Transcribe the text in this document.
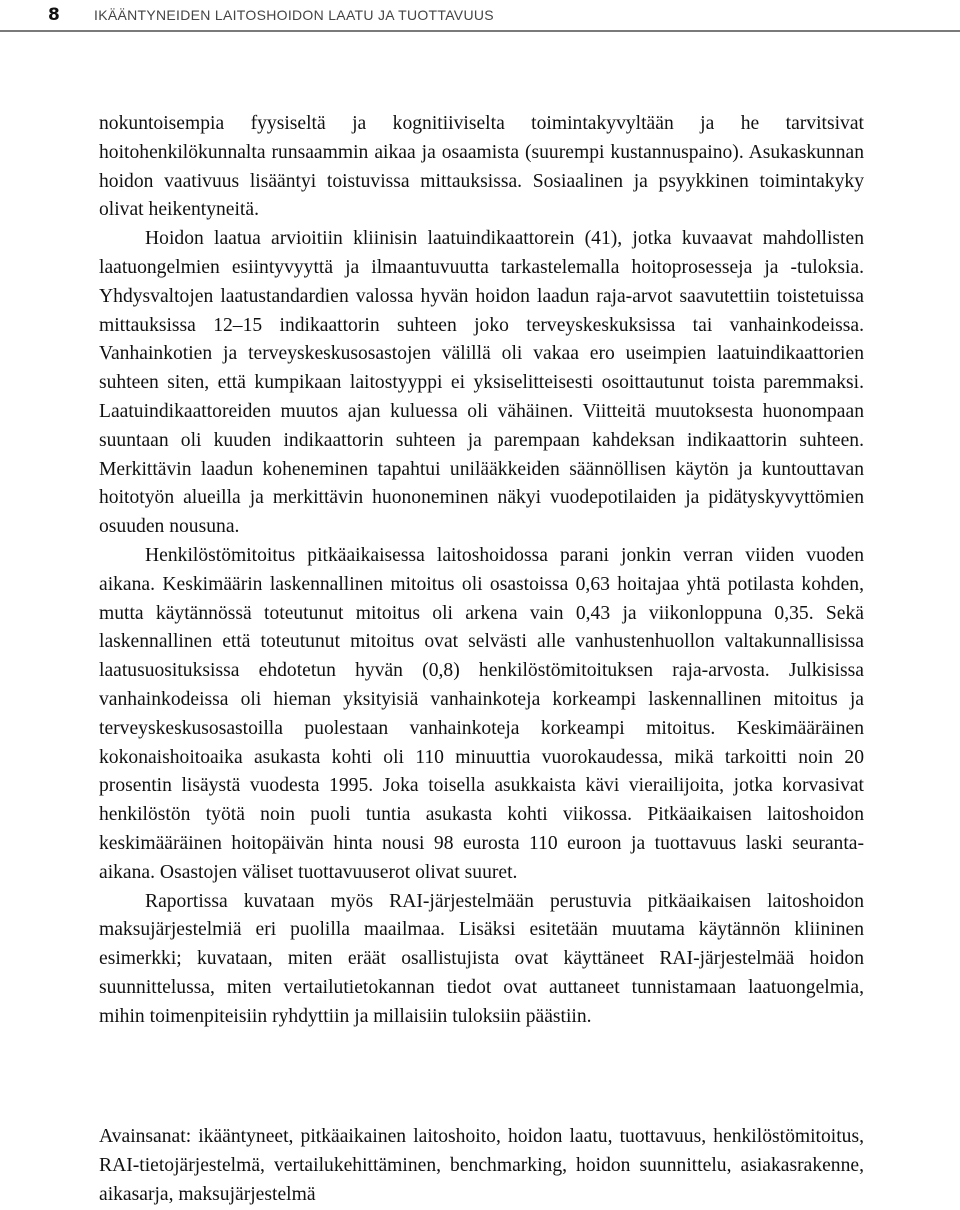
8	IKÄÄNTYNEIDEN LAITOSHOIDON LAATU JA TUOTTAVUUS

nokuntoisempia fyysiseltä ja kognitiiviselta toimintakyvyltään ja he tarvitsivat hoitohenkilökunnalta runsaammin aikaa ja osaamista (suurempi kustannuspaino). Asukaskunnan hoidon vaativuus lisääntyi toistuvissa mittauksissa. Sosiaalinen ja psyykkinen toimintakyky olivat heikentyneitä.

Hoidon laatua arvioitiin kliinisin laatuindikaattorein (41), jotka kuvaavat mahdollisten laatuongelmien esiintyvyyttä ja ilmaantuvuutta tarkastelemalla hoitoprosesseja ja -tuloksia. Yhdysvaltojen laatustandardien valossa hyvän hoidon laadun raja-arvot saavutettiin toistetuissa mittauksissa 12–15 indikaattorin suhteen joko terveyskeskuksissa tai vanhainkodeissa. Vanhainkotien ja terveyskeskusosastojen välillä oli vakaa ero useimpien laatuindikaattorien suhteen siten, että kumpikaan laitostyyppi ei yksiselitteisesti osoittautunut toista paremmaksi. Laatuindikaattoreiden muutos ajan kuluessa oli vähäinen. Viitteitä muutoksesta huonompaan suuntaan oli kuuden indikaattorin suhteen ja parempaan kahdeksan indikaattorin suhteen. Merkittävin laadun koheneminen tapahtui unilääkkeiden säännöllisen käytön ja kuntouttavan hoitotyön alueilla ja merkittävin huononeminen näkyi vuodepotilaiden ja pidätyskyvyttömien osuuden nousuna.

Henkilöstömitoitus pitkäaikaisessa laitoshoidossa parani jonkin verran viiden vuoden aikana. Keskimäärin laskennallinen mitoitus oli osastoissa 0,63 hoitajaa yhtä potilasta kohden, mutta käytännössä toteutunut mitoitus oli arkena vain 0,43 ja viikonloppuna 0,35. Sekä laskennallinen että toteutunut mitoitus ovat selvästi alle vanhustenhuollon valtakunnallisissa laatusuosituksissa ehdotetun hyvän (0,8) henkilöstömitoituksen raja-arvosta. Julkisissa vanhainkodeissa oli hieman yksityisiä vanhainkoteja korkeampi laskennallinen mitoitus ja terveyskeskusosastoilla puolestaan vanhainkoteja korkeampi mitoitus. Keskimääräinen kokonaishoitoaika asukasta kohti oli 110 minuuttia vuorokaudessa, mikä tarkoitti noin 20 prosentin lisäystä vuodesta 1995. Joka toisella asukkaista kävi vierailijoita, jotka korvasivat henkilöstön työtä noin puoli tuntia asukasta kohti viikossa. Pitkäaikaisen laitoshoidon keskimääräinen hoitopäivän hinta nousi 98 eurosta 110 euroon ja tuottavuus laski seuranta-aikana. Osastojen väliset tuottavuuserot olivat suuret.

Raportissa kuvataan myös RAI-järjestelmään perustuvia pitkäaikaisen laitoshoidon maksujärjestelmiä eri puolilla maailmaa. Lisäksi esitetään muutama käytännön kliininen esimerkki; kuvataan, miten eräät osallistujista ovat käyttäneet RAI-järjestelmää hoidon suunnittelussa, miten vertailutietokannan tiedot ovat auttaneet tunnistamaan laatuongelmia, mihin toimenpiteisiin ryhdyttiin ja millaisiin tuloksiin päästiin.

Avainsanat: ikääntyneet, pitkäaikainen laitoshoito, hoidon laatu, tuottavuus, henkilöstömitoitus, RAI-tietojärjestelmä, vertailukehittäminen, benchmarking, hoidon suunnittelu, asiakasrakenne, aikasarja, maksujärjestelmä
